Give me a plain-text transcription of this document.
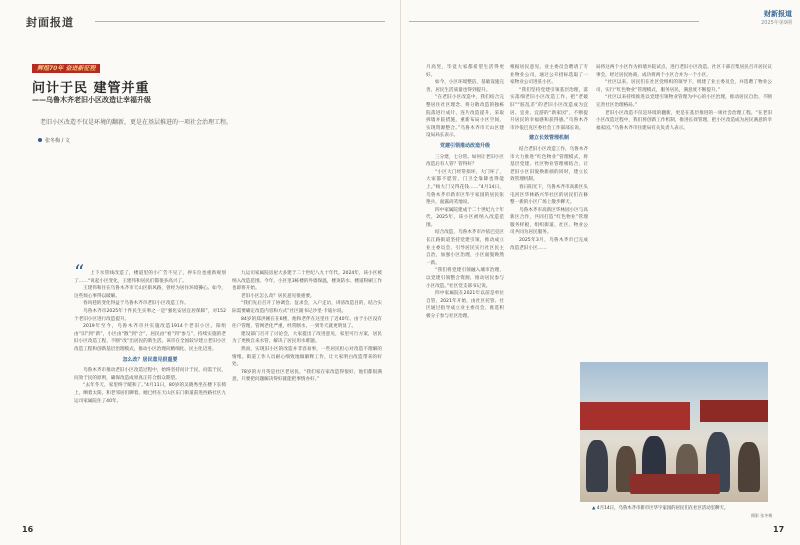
封面报道
辉煌70年 奋进新征程
问计于民 建管并重
——乌鲁木齐老旧小区改造让幸福升级
老旧小区改造不仅是环境的翻新，更是在基层推进的一项社会治理工程。
张冬梅 / 文
“	上下水管线改造了，楼道里的小广告不见了，停车位也重新规划了……“说起小区变化，王建伟和居民们都很多高兴了。

王建伟和住在乌鲁木齐市天山区街风路，曾经为居住环境操心。如今，这些烦心事得以破解。

春风巷的变化得益于乌鲁木齐市老旧小区改造工作。

乌鲁木齐市2025年十件民生实事之一是“强化安居宜居保障”，对152个老旧小区进行改造提升。

2019年至今，乌鲁木齐市共实施改造1914个老旧小区。阳组由“旧”到“新”，小区由“散”到“合”，居民由“看”到“参与”，持续实施的老旧小区改造工程，不断“改”出居民的新生活。该市在全国较早建立老旧小区改造工程和创新基层治理模式，推动小区治理向精细化、民主化迈进。

怎么改？居民意见很重要

乌鲁木齐市推动老旧小区改造过程中，始终坚持问计于民，问需于民、问效于民的原则，确保改造成果真正符合群众期望。

“去年冬天，家里终于暖和了。”4月11日，80岁的吴晓秀坐在楼下长椅上，晒着太阳，和老邻居们聊着。她已经在天山区东门街道前进西路社区九运司家属院住了40年。

九运司家属院房屋大多建于二十世纪八九十年代。2024年，该小区被纳入改造范围。今年，小区里3栋楼的外墙保温，楼顶防水、楼道粉刷工作也即将开始。

老旧小区怎么改？居民意见很重要。

“我们先后召开了协调会、征求会，入户走访，讲清改造目的，结合实际需要确定改造内容和方式”社区副书记沙里·卡迪尔说。

84岁的郑洪刚在在6楼，他和老伴在这里住了近40年。由于小区没有住户管理，管网老化严重，经常断水，一到冬天就更明显了。

建设部门召开了讨论会，大家提出了改进意见，家里可行方案，居民为了更换自来水管，解决了居民用水难题。

然而，实现旧小区的改造并非容易事，一些居民担心对改造不理解的情绪。街道工作人员耐心细致地做解释工作，让大家明白改造带来的好处。

78岁的方月英是社区老居民，“我们家在家改造得很好，他们都很满意，只要把问题解决得好就能把事情办好。”

16
财新报道
2025年第9期
17

月高竖，毕竟大家都希望生活得更好。

如今，小区环境整洁，基础设施完善，居民生活质量也得到提升。

“在老旧小区改造中，我们结合完整居住社区理念，将分散改造的独栋院落进行成片、连片改造提升，采取拆墙并院措施，重新布局小区空间，实现资源整合。”乌鲁木齐市天山区建设局局长表示。

党建引领推动改造升级

三分建，七分管。如何让老旧小区改造后有人管？管得好？

“小区大门经常损坏，大门坏了，大家都不愿管，门卫全靠降也得能上。”杨大门又得花钱……”4月14日，乌鲁木齐市新市区华宇家园的居民张艳兵，面露尚笑地说。

四中家属院建成于二十世纪九十年代，2025年，该小区被纳入改造范围。

结合改造，乌鲁木齐市沙依巴克区长江路街道坚持党建引领，推动成立业主委员会，引导居民实行社区民主自治，加强小区治理，小区面貌焕然一新。

“我们将党建引领融入城市治理，以党建引领整合资源，推动居民参与小区改造。”社区党支部书记说。

四中家属院在2021年以前是单位自管，2021年开始，由社区托管。社区通过指导成立业主委员会，推选积极分子参与社区治理。

根据居民意见，业主委员会聘请了专业物业公司，通过公开招标选取了一家物业公司进驻小区。

“我们坚持党建引领基层治理，落实落细老旧小区改造工作，把“老破旧”“脏乱差”的老旧小区改造成为宜居、宜业、宜游的“新家园”，不断提升居民的幸福感和获得感。”乌鲁木齐市沙依巴克区委社会工作部部长说。

建立长效管理机制

结合老旧小区改造工作，乌鲁木齐市大力推进“红色物业”管理模式，将基层党建、社区物业管理相结合，让老旧小区旧貌换新颜的同时，建立长效管理机制。

春日阳光下，乌鲁木齐市高新区头屯河区华林路兴华社区的居民们在修整一新的小区广场上散步聊天。

乌鲁木齐市高新区华林园小区与高新区合作，共同打造“红色物业”管理服务样板，组织街道、社区、物业公司共同为居民服务。

2025年3月，乌鲁木齐市已完成改造老旧小区……

局将这两个小区作为拆墙并院试点，进行老旧小区改造。社区干部召集居民召开居民议事会，经过居民协商，成功将两个小区合并为一个小区。

“社区以来，居民们在社区党组织的领导下，组建了业主委员会，并选聘了物业公司，实行“红色物业”管理模式，服务居民，满意度不断提升。”

“社区以来持续推进以党建引领物业管理为中心的小区治理，推动居民自治、不断完善社区治理格局。”

老旧小区改造不仅是环境的翻新，更是在基层推进的一项社会治理工程。“在老旧小区改造过程中，我们将创新工作机制，推进长效管理，把小区改造成为居民满意的幸福家园。”乌鲁木齐市住建局有关负责人表示。

▲ 4月14日，乌鲁木齐市新市区华宇家园的居民们在社区活动室聊天。
摄影 张冬梅
